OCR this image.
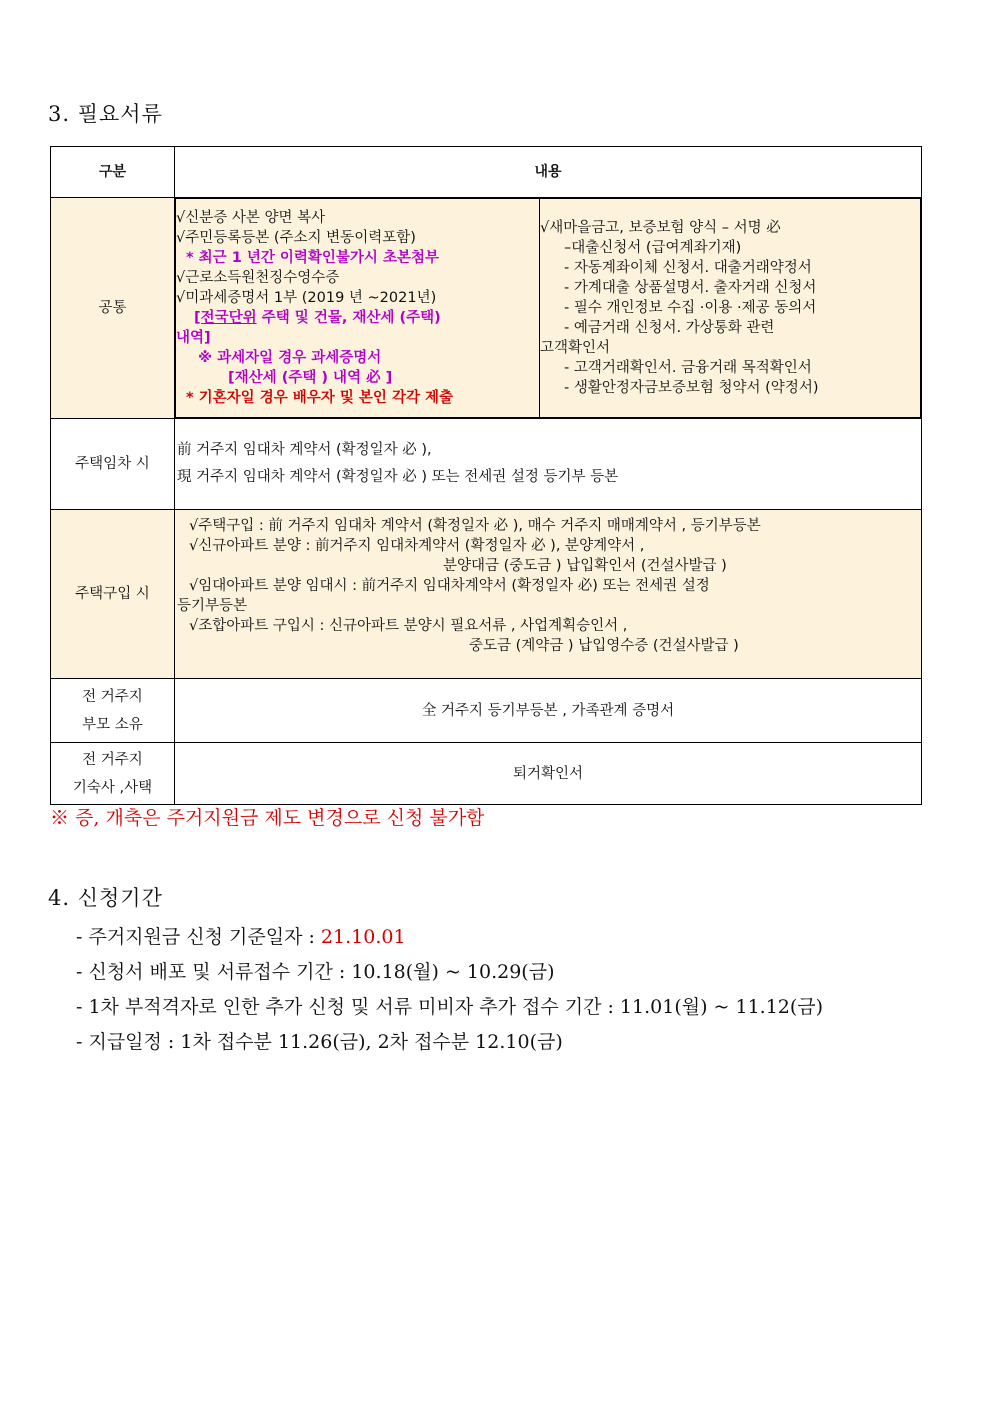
3. 필요서류
구분	내용
공통	
√신분증 사본 양면 복사
√주민등록등본 (주소지 변동이력포함)
* 최근 1 년간 이력확인불가시 초본첨부
√근로소득원천징수영수증
√미과세증명서 1부 (2019 년 ~2021년)
[전국단위 주택 및 건물, 재산세 (주택)
내역]
※ 과세자일 경우 과세증명서
[재산세 (주택 ) 내역 必 ]
* 기혼자일 경우 배우자 및 본인 각각 제출

√새마을금고, 보증보험 양식 – 서명 必
–대출신청서 (급여계좌기재)
- 자동계좌이체 신청서. 대출거래약정서
- 가계대출 상품설명서. 출자거래 신청서
- 필수 개인정보 수집 ·이용 ·제공 동의서
- 예금거래 신청서. 가상통화 관련
고객확인서
- 고객거래확인서. 금융거래 목적확인서
- 생활안정자금보증보험 청약서 (약정서)

주택임차 시	
前 거주지 임대차 계약서 (확정일자 必 ),
現 거주지 임대차 계약서 (확정일자 必 ) 또는 전세권 설정 등기부 등본

주택구입 시	
√주택구입 : 前 거주지 임대차 계약서 (확정일자 必 ), 매수 거주지 매매계약서 , 등기부등본
√신규아파트 분양 : 前거주지 임대차계약서 (확정일자 必 ), 분양계약서 ,
분양대금 (중도금 ) 납입확인서 (건설사발급 )
√임대아파트 분양 임대시 : 前거주지 임대차계약서 (확정일자 必) 또는 전세권 설정
등기부등본
√조합아파트 구입시 : 신규아파트 분양시 필요서류 , 사업계획승인서 ,
중도금 (계약금 ) 납입영수증 (건설사발급 )

전 거주지
부모 소유
	全 거주지 등기부등본 , 가족관계 증명서

전 거주지
기숙사 ,사택
	퇴거확인서
※ 증, 개축은 주거지원금 제도 변경으로 신청 불가함
4. 신청기간
- 주거지원금 신청 기준일자 : 21.10.01
- 신청서 배포 및 서류접수 기간 : 10.18(월) ~ 10.29(금)
- 1차 부적격자로 인한 추가 신청 및 서류 미비자 추가 접수 기간 : 11.01(월) ~ 11.12(금)
- 지급일정 : 1차 접수분 11.26(금), 2차 접수분 12.10(금)
